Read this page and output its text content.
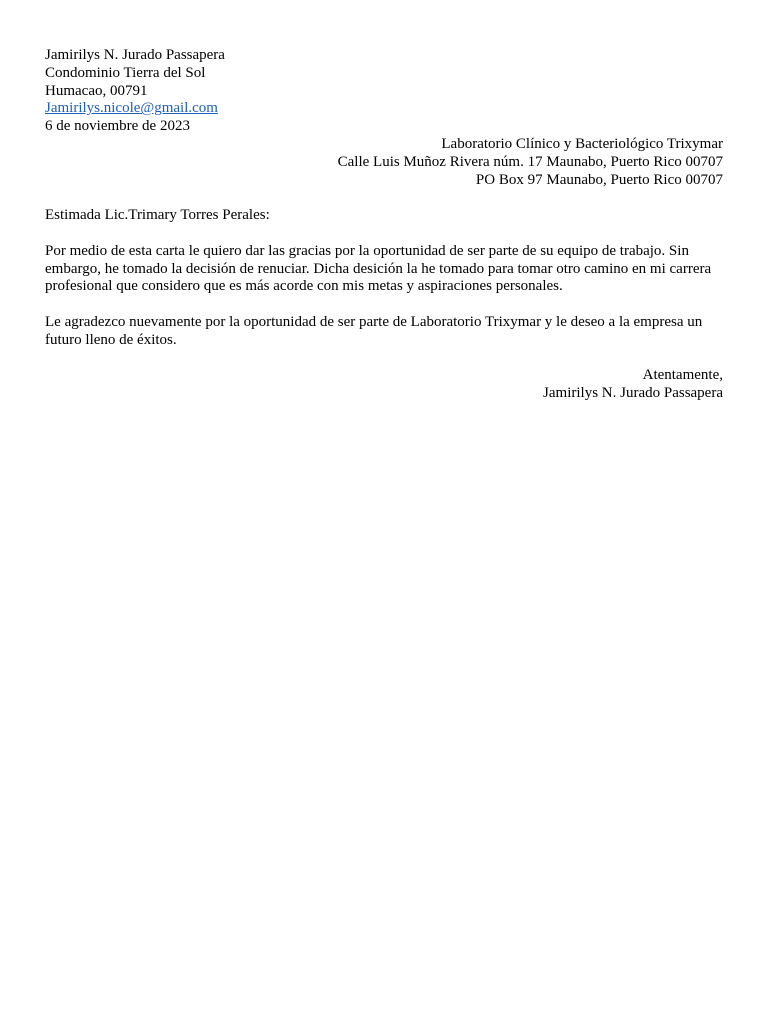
Jamirilys N. Jurado Passapera
Condominio Tierra del Sol
Humacao, 00791
Jamirilys.nicole@gmail.com
6 de noviembre de 2023
Laboratorio Clínico y Bacteriológico Trixymar
Calle Luis Muñoz Rivera núm. 17 Maunabo, Puerto Rico 00707
PO Box 97 Maunabo, Puerto Rico 00707

Estimada Lic.Trimary Torres Perales:

Por medio de esta carta le quiero dar las gracias por la oportunidad de ser parte de su equipo de trabajo. Sin embargo, he tomado la decisión de renuciar. Dicha desición la he tomado para tomar otro camino en mi carrera profesional que considero que es más acorde con mis metas y aspiraciones personales.

Le agradezco nuevamente por la oportunidad de ser parte de Laboratorio Trixymar y le deseo a la empresa un futuro lleno de éxitos.

Atentamente,
Jamirilys N. Jurado Passapera
